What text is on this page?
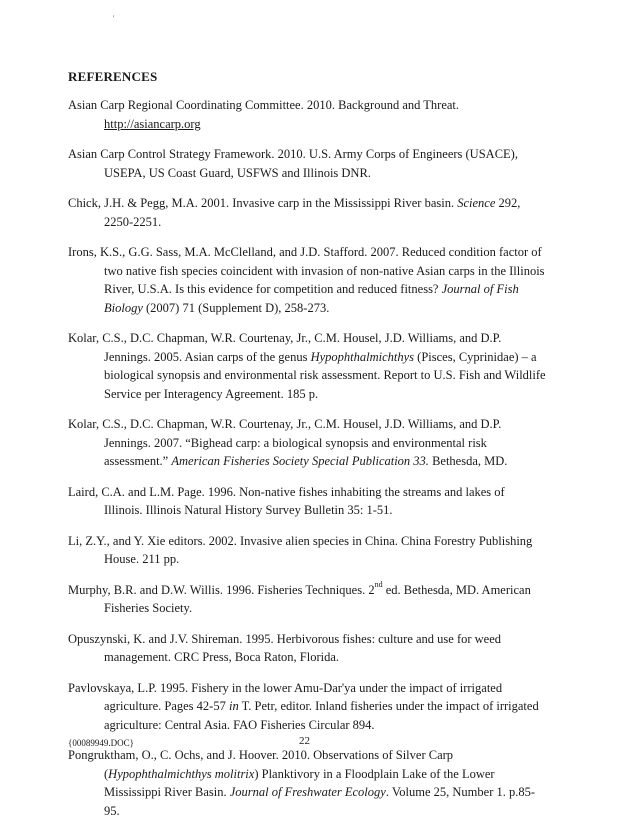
'
REFERENCES

Asian Carp Regional Coordinating Committee. 2010. Background and Threat. http://asiancarp.org

Asian Carp Control Strategy Framework. 2010. U.S. Army Corps of Engineers (USACE), USEPA, US Coast Guard, USFWS and Illinois DNR.

Chick, J.H. & Pegg, M.A. 2001. Invasive carp in the Mississippi River basin. Science 292, 2250-2251.

Irons, K.S., G.G. Sass, M.A. McClelland, and J.D. Stafford. 2007. Reduced condition factor of two native fish species coincident with invasion of non-native Asian carps in the Illinois River, U.S.A. Is this evidence for competition and reduced fitness? Journal of Fish Biology (2007) 71 (Supplement D), 258-273.

Kolar, C.S., D.C. Chapman, W.R. Courtenay, Jr., C.M. Housel, J.D. Williams, and D.P. Jennings. 2005. Asian carps of the genus Hypophthalmichthys (Pisces, Cyprinidae) – a biological synopsis and environmental risk assessment. Report to U.S. Fish and Wildlife Service per Interagency Agreement. 185 p.

Kolar, C.S., D.C. Chapman, W.R. Courtenay, Jr., C.M. Housel, J.D. Williams, and D.P. Jennings. 2007. “Bighead carp: a biological synopsis and environmental risk assessment.” American Fisheries Society Special Publication 33. Bethesda, MD.

Laird, C.A. and L.M. Page. 1996. Non-native fishes inhabiting the streams and lakes of Illinois. Illinois Natural History Survey Bulletin 35: 1-51.

Li, Z.Y., and Y. Xie editors. 2002. Invasive alien species in China. China Forestry Publishing House. 211 pp.

Murphy, B.R. and D.W. Willis. 1996. Fisheries Techniques. 2nd ed. Bethesda, MD. American Fisheries Society.

Opuszynski, K. and J.V. Shireman. 1995. Herbivorous fishes: culture and use for weed management. CRC Press, Boca Raton, Florida.

Pavlovskaya, L.P. 1995. Fishery in the lower Amu-Dar'ya under the impact of irrigated agriculture. Pages 42-57 in T. Petr, editor. Inland fisheries under the impact of irrigated agriculture: Central Asia. FAO Fisheries Circular 894.

Pongruktham, O., C. Ochs, and J. Hoover. 2010. Observations of Silver Carp (Hypophthalmichthys molitrix) Planktivory in a Floodplain Lake of the Lower Mississippi River Basin. Journal of Freshwater Ecology. Volume 25, Number 1. p.85-95.

{00089949.DOC}	22
